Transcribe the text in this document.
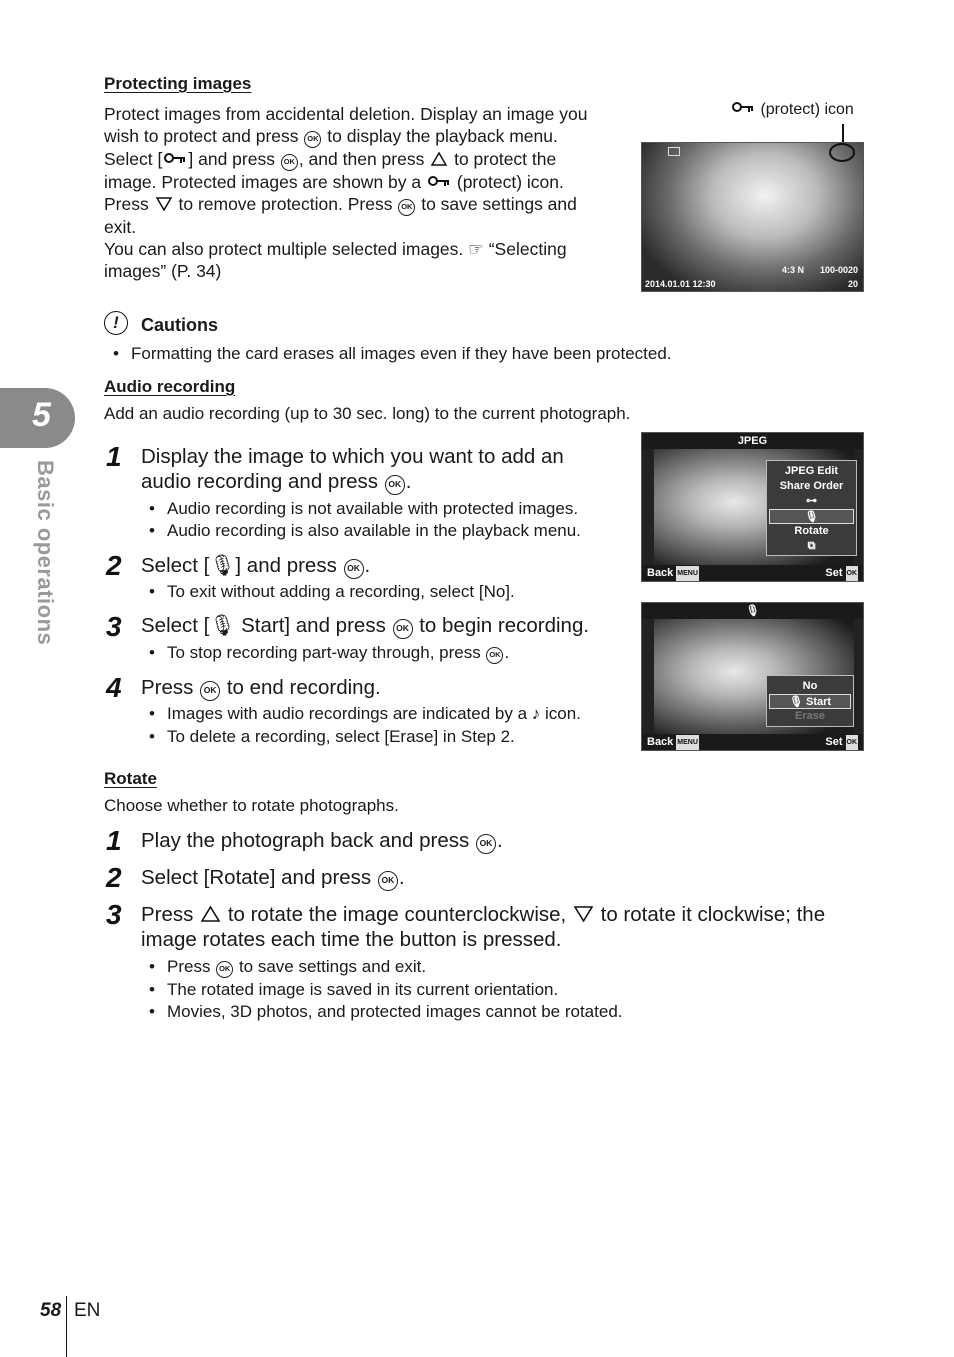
5
Basic operations
Protecting images
Protect images from accidental deletion. Display an image you
wish to protect and press OK to display the playback menu.
Select [ ] and press OK , and then press to protect the
image. Protected images are shown by a (protect) icon.
Press to remove protection. Press OK to save settings and
exit.
You can also protect multiple selected images. ☞ “Selecting
images” (P. 34)
(protect) icon
4:3 N 100-0020
2014.01.01 12:30	20
!	Cautions
• Formatting the card erases all images even if they have been protected.
Audio recording
Add an audio recording (up to 30 sec. long) to the current photograph.
1 Display the image to which you want to add an
audio recording and press OK .
• Audio recording is not available with protected images.
• Audio recording is also available in the playback menu.
2 Select [🎙] and press OK .
• To exit without adding a recording, select [No].
3 Select [🎙 Start] and press OK to begin recording.
• To stop recording part-way through, press OK .
4 Press OK to end recording.
• Images with audio recordings are indicated by a ♪ icon.
• To delete a recording, select [Erase] in Step 2.
JPEG
JPEG Edit
Share Order
⊶
🎙
Rotate
⧉
Back MENU	Set OK
🎙
No
🎙 Start
Erase
Back MENU	Set OK
Rotate
Choose whether to rotate photographs.
1 Play the photograph back and press OK .
2 Select [Rotate] and press OK .
3 Press to rotate the image counterclockwise, to rotate it clockwise; the
image rotates each time the button is pressed.
• Press OK to save settings and exit.
• The rotated image is saved in its current orientation.
• Movies, 3D photos, and protected images cannot be rotated.
58 EN
